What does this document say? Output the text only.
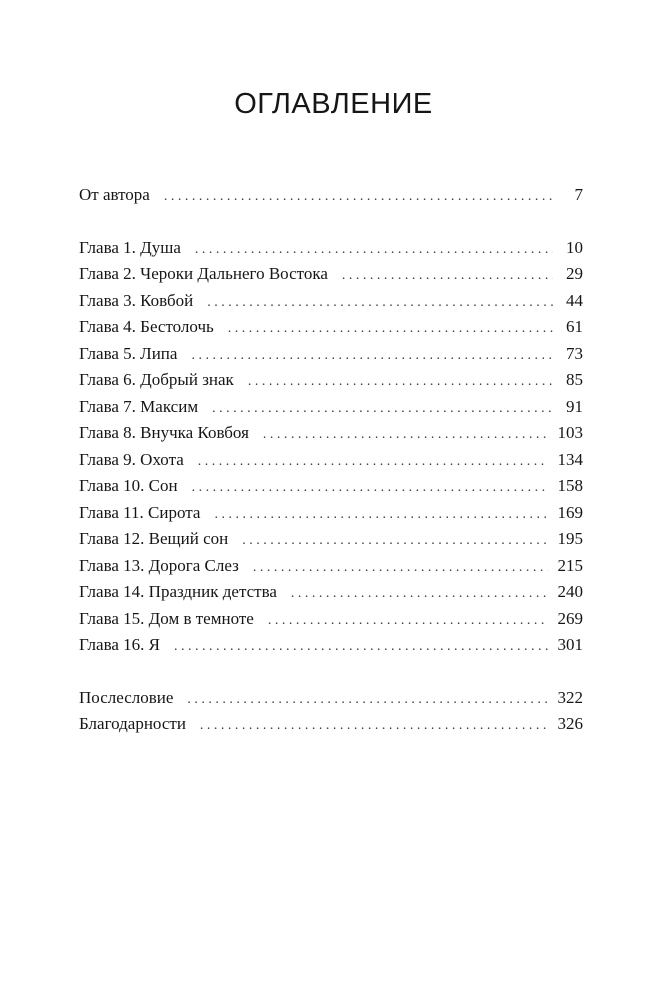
ОГЛАВЛЕНИЕ
От автора . . .	7
Глава 1. Душа . . .	10
Глава 2. Чероки Дальнего Востока . . .	29
Глава 3. Ковбой . . .	44
Глава 4. Бестолочь . . .	61
Глава 5. Липа . . .	73
Глава 6. Добрый знак . . .	85
Глава 7. Максим . . .	91
Глава 8. Внучка Ковбоя . . .	103
Глава 9. Охота . . .	134
Глава 10. Сон . . .	158
Глава 11. Сирота . . .	169
Глава 12. Вещий сон . . .	195
Глава 13. Дорога Слез . . .	215
Глава 14. Праздник детства . . .	240
Глава 15. Дом в темноте . . .	269
Глава 16. Я . . .	301
Послесловие . . .	322
Благодарности . . .	326
